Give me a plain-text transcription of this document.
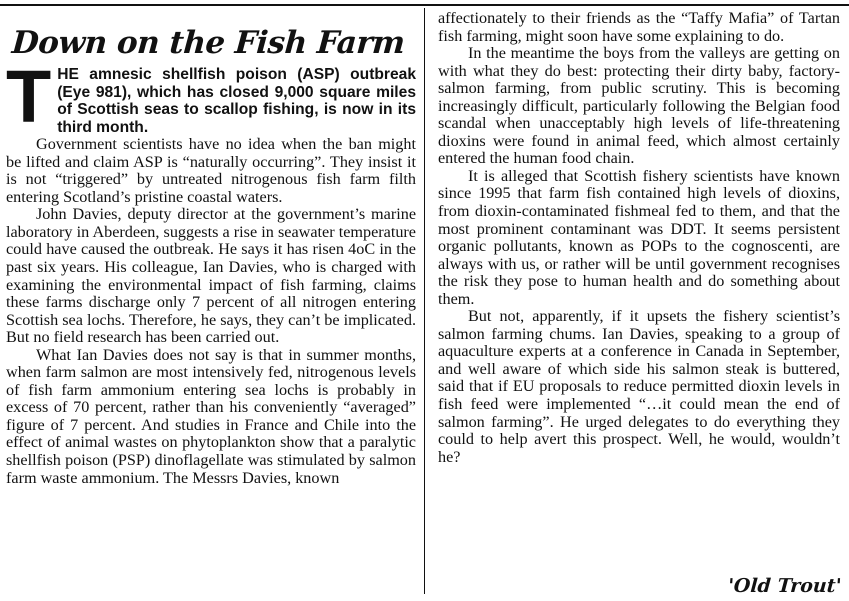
Down on the Fish Farm
THE amnesic shellfish poison (ASP) outbreak (Eye 981), which has closed 9,000 square miles of Scottish seas to scallop fishing, is now in its third month.

Government scientists have no idea when the ban might be lifted and claim ASP is “naturally occurring”. They insist it is not “triggered” by untreated nitrogenous fish farm filth entering Scotland’s pristine coastal waters.

John Davies, deputy director at the government’s marine laboratory in Aberdeen, suggests a rise in seawater temperature could have caused the outbreak. He says it has risen 4oC in the past six years. His colleague, Ian Davies, who is charged with examining the environmental impact of fish farming, claims these farms discharge only 7 percent of all nitrogen entering Scottish sea lochs. Therefore, he says, they can’t be implicated. But no field research has been carried out.

What Ian Davies does not say is that in summer months, when farm salmon are most intensively fed, nitrogenous levels of fish farm ammonium entering sea lochs is probably in excess of 70 percent, rather than his conveniently “averaged” figure of 7 percent. And studies in France and Chile into the effect of animal wastes on phytoplankton show that a paralytic shellfish poison (PSP) dinoflagellate was stimulated by salmon farm waste ammonium. The Messrs Davies, known

affectionately to their friends as the “Taffy Mafia” of Tartan fish farming, might soon have some explaining to do.

In the meantime the boys from the valleys are getting on with what they do best: protecting their dirty baby, factory-salmon farming, from public scrutiny. This is becoming increasingly difficult, particularly following the Belgian food scandal when unacceptably high levels of life-threatening dioxins were found in animal feed, which almost certainly entered the human food chain.

It is alleged that Scottish fishery scientists have known since 1995 that farm fish contained high levels of dioxins, from dioxin-contaminated fishmeal fed to them, and that the most prominent contaminant was DDT. It seems persistent organic pollutants, known as POPs to the cognoscenti, are always with us, or rather will be until government recognises the risk they pose to human health and do something about them.

But not, apparently, if it upsets the fishery scientist’s salmon farming chums. Ian Davies, speaking to a group of aquaculture experts at a conference in Canada in September, and well aware of which side his salmon steak is buttered, said that if EU proposals to reduce permitted dioxin levels in fish feed were implemented “…it could mean the end of salmon farming”. He urged delegates to do everything they could to help avert this prospect. Well, he would, wouldn’t he?

'Old Trout'
